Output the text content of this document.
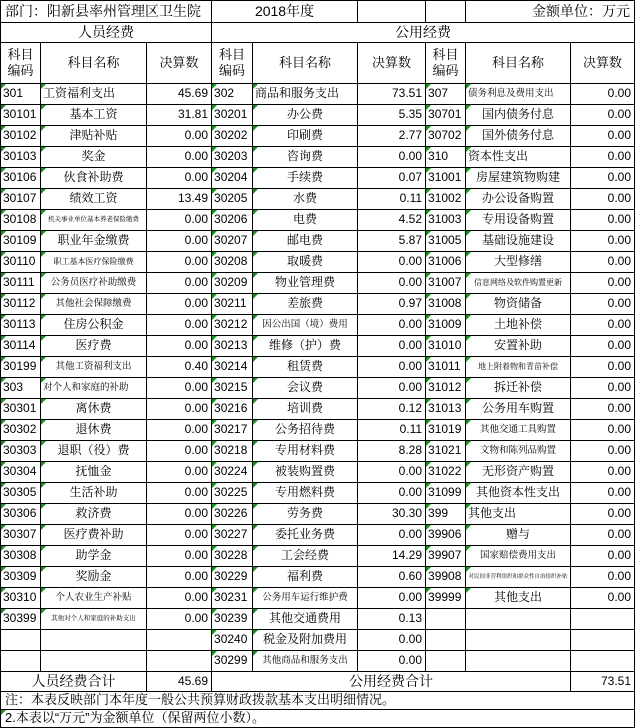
部门：阳新县率州管理区卫生院			2018年度				金额单位：万元	
人员经费			公用经费					
科目编码	科目名称	决算数	科目编码	科目名称	决算数	科目编码	科目名称	决算数
301	工资福利支出	45.69	302	商品和服务支出	73.51	307	债务利息及费用支出	0.00
30101	基本工资	31.81	30201	办公费	5.35	30701	国内债务付息	0.00
30102	津贴补贴	0.00	30202	印刷费	2.77	30702	国外债务付息	0.00
30103	奖金	0.00	30203	咨询费	0.00	310	资本性支出	0.00
30106	伙食补助费	0.00	30204	手续费	0.07	31001	房屋建筑物购建	0.00
30107	绩效工资	13.49	30205	水费	0.11	31002	办公设备购置	0.00
30108	机关事业单位基本养老保险缴费	0.00	30206	电费	4.52	31003	专用设备购置	0.00
30109	职业年金缴费	0.00	30207	邮电费	5.87	31005	基础设施建设	0.00
30110	职工基本医疗保险缴费	0.00	30208	取暖费	0.00	31006	大型修缮	0.00
30111	公务员医疗补助缴费	0.00	30209	物业管理费	0.00	31007	信息网络及软件购置更新	0.00
30112	其他社会保障缴费	0.00	30211	差旅费	0.97	31008	物资储备	0.00
30113	住房公积金	0.00	30212	因公出国（境）费用	0.00	31009	土地补偿	0.00
30114	医疗费	0.00	30213	维修（护）费	0.00	31010	安置补助	0.00
30199	其他工资福利支出	0.40	30214	租赁费	0.00	31011	地上附着物和青苗补偿	0.00
303	对个人和家庭的补助	0.00	30215	会议费	0.00	31012	拆迁补偿	0.00
30301	离休费	0.00	30216	培训费	0.12	31013	公务用车购置	0.00
30302	退休费	0.00	30217	公务招待费	0.11	31019	其他交通工具购置	0.00
30303	退职（役）费	0.00	30218	专用材料费	8.28	31021	文物和陈列品购置	0.00
30304	抚恤金	0.00	30224	被装购置费	0.00	31022	无形资产购置	0.00
30305	生活补助	0.00	30225	专用燃料费	0.00	31099	其他资本性支出	0.00
30306	救济费	0.00	30226	劳务费	30.30	399	其他支出	0.00
30307	医疗费补助	0.00	30227	委托业务费	0.00	39906	赠与	0.00
30308	助学金	0.00	30228	工会经费	14.29	39907	国家赔偿费用支出	0.00
30309	奖励金	0.00	30229	福利费	0.60	39908	对民间非营利组织和群众性自治组织补贴	0.00
30310	个人农业生产补贴	0.00	30231	公务用车运行维护费	0.00	39999	其他支出	0.00
30399	其他对个人和家庭的补助支出	0.00	30239	其他交通费用	0.13			
			30240	税金及附加费用	0.00			
			30299	其他商品和服务支出	0.00			
人员经费合计		45.69	公用经费合计					73.51
注：本表反映部门本年度一般公共预算财政拨款基本支出明细情况。								
2.本表以“万元”为金额单位（保留两位小数）。								
